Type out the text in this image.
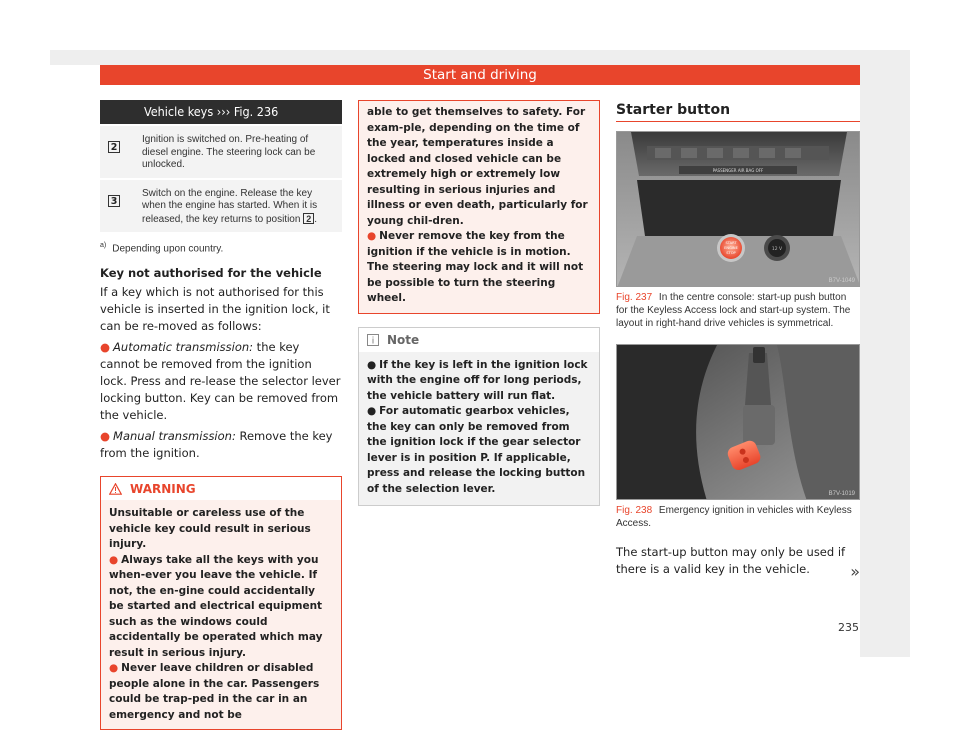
Start and driving
Vehicle keys ››› Fig. 236
2
Ignition is switched on. Pre-heating of diesel engine. The steering lock can be unlocked.
3
Switch on the engine. Release the key when the engine has started. When it is released, the key returns to position 2 .
$^{a)}$ Depending upon country.
Key not authorised for the vehicle
If a key which is not authorised for this vehicle is inserted in the ignition lock, it can be re-moved as follows:
● Automatic transmission: the key cannot be removed from the ignition lock. Press and re-lease the selector lever locking button. Key can be removed from the vehicle.
● Manual transmission: Remove the key from the ignition.
WARNING

Unsuitable or careless use of the vehicle key could result in serious injury.

● Always take all the keys with you when-ever you leave the vehicle. If not, the en-gine could accidentally be started and electrical equipment such as the windows could accidentally be operated which may result in serious injury.

● Never leave children or disabled people alone in the car. Passengers could be trap-ped in the car in an emergency and not be

able to get themselves to safety. For exam-ple, depending on the time of the year, temperatures inside a locked and closed vehicle can be extremely high or extremely low resulting in serious injuries and illness or even death, particularly for young chil-dren.

● Never remove the key from the ignition if the vehicle is in motion. The steering may lock and it will not be possible to turn the steering wheel.

Note

● If the key is left in the ignition lock with the engine off for long periods, the vehicle battery will run flat.

● For automatic gearbox vehicles, the key can only be removed from the ignition lock if the gear selector lever is in position P. If applicable, press and release the locking button of the selection lever.

Starter button
PASSENGER AIR BAG OFF
START
ENGINE
STOP
12 V
B7V-1049
Fig. 237 In the centre console: start-up push button for the Keyless Access lock and start-up system. The layout in right-hand drive vehicles is symmetrical.
B7V-1019
Fig. 238 Emergency ignition in vehicles with Keyless Access.
The start-up button may only be used if there is a valid key in the vehicle.	»
235
